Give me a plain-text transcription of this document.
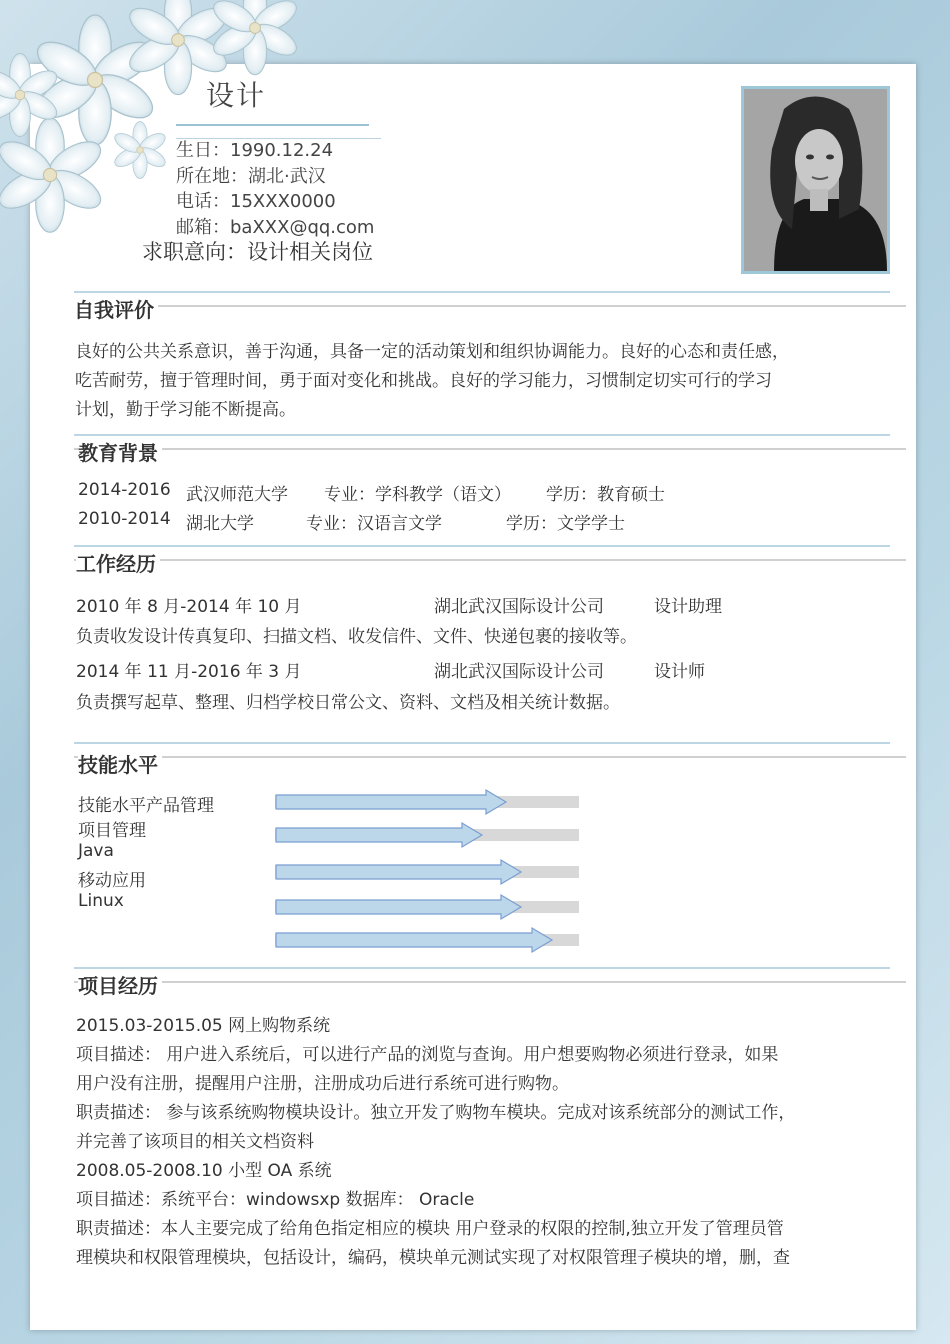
设计
生日：1990.12.24
所在地：湖北·武汉
电话：15XXX0000
邮箱：baXXX@qq.com
求职意向：设计相关岗位
自我评价
良好的公共关系意识，善于沟通，具备一定的活动策划和组织协调能力。良好的心态和责任感，
吃苦耐劳，擅于管理时间，勇于面对变化和挑战。良好的学习能力，习惯制定切实可行的学习
计划，勤于学习能不断提高。
教育背景
2014-2016 武汉师范大学 专业：学科教学（语文） 学历：教育硕士
2010-2014 湖北大学	专业：汉语言文学	学历：文学学士
工作经历
2010 年 8 月-2014 年 10 月	湖北武汉国际设计公司	设计助理
负责收发设计传真复印、扫描文档、收发信件、文件、快递包裹的接收等。
2014 年 11 月-2016 年 3 月	湖北武汉国际设计公司	设计师
负责撰写起草、整理、归档学校日常公文、资料、文档及相关统计数据。
技能水平
技能水平产品管理
项目管理
Java
移动应用
Linux
项目经历
2015.03-2015.05 网上购物系统
项目描述： 用户进入系统后，可以进行产品的浏览与查询。用户想要购物必须进行登录，如果
用户没有注册，提醒用户注册，注册成功后进行系统可进行购物。
职责描述： 参与该系统购物模块设计。独立开发了购物车模块。完成对该系统部分的测试工作，
并完善了该项目的相关文档资料
2008.05-2008.10 小型 OA 系统
项目描述：系统平台：windowsxp 数据库： Oracle
职责描述：本人主要完成了给角色指定相应的模块 用户登录的权限的控制,独立开发了管理员管
理模块和权限管理模块，包括设计，编码，模块单元测试实现了对权限管理子模块的增，删，查
